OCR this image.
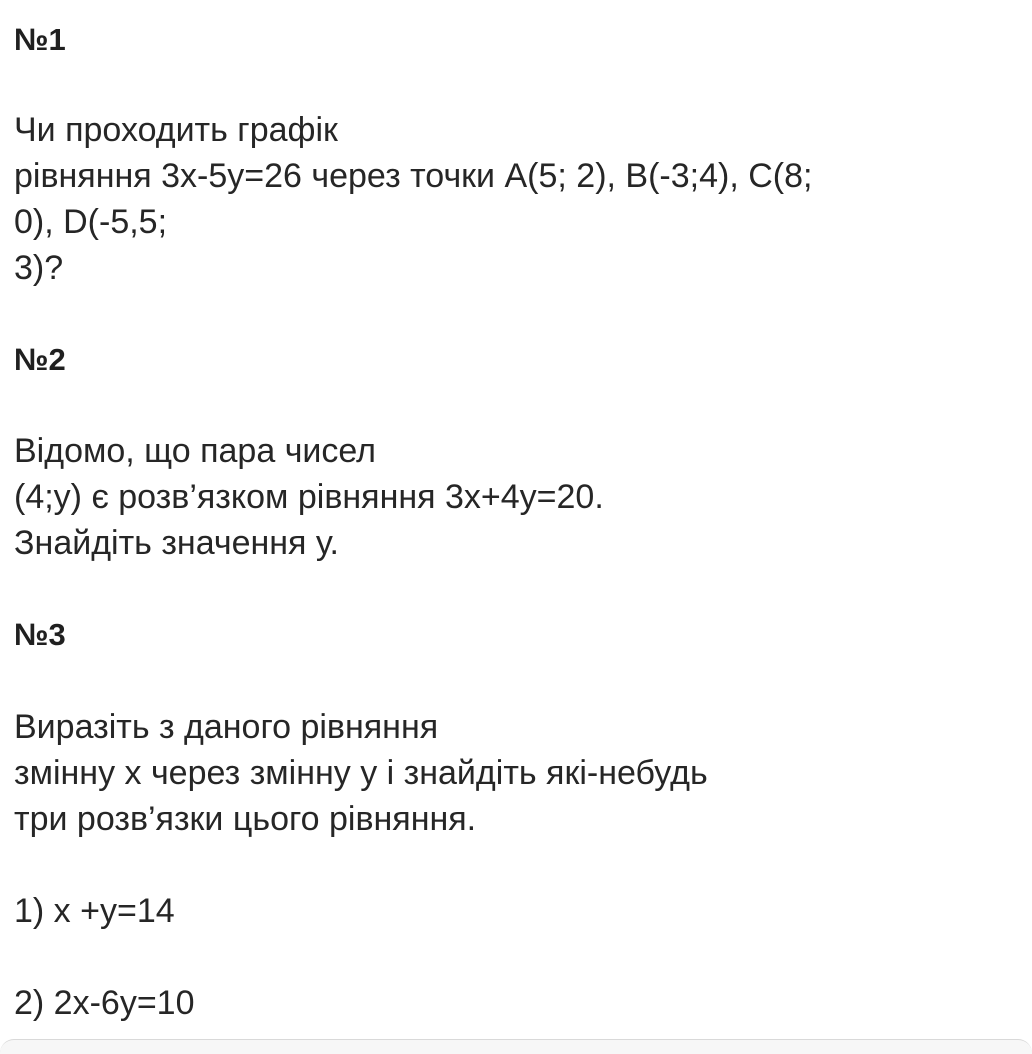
№1
Чи проходить графік
рівняння 3х-5у=26 через точки A(5; 2), B(-3;4), C(8;
0), D(-5,5;
3)?
№2
Відомо, що пара чисел
(4;y) є розв’язком рівняння 3x+4y=20.
Знайдіть значення у.
№3
Виразіть з даного рівняння
змінну x через змінну у і знайдіть які-небудь
три розв’язки цього рівняння.
1) x +y=14
2) 2x-6y=10
